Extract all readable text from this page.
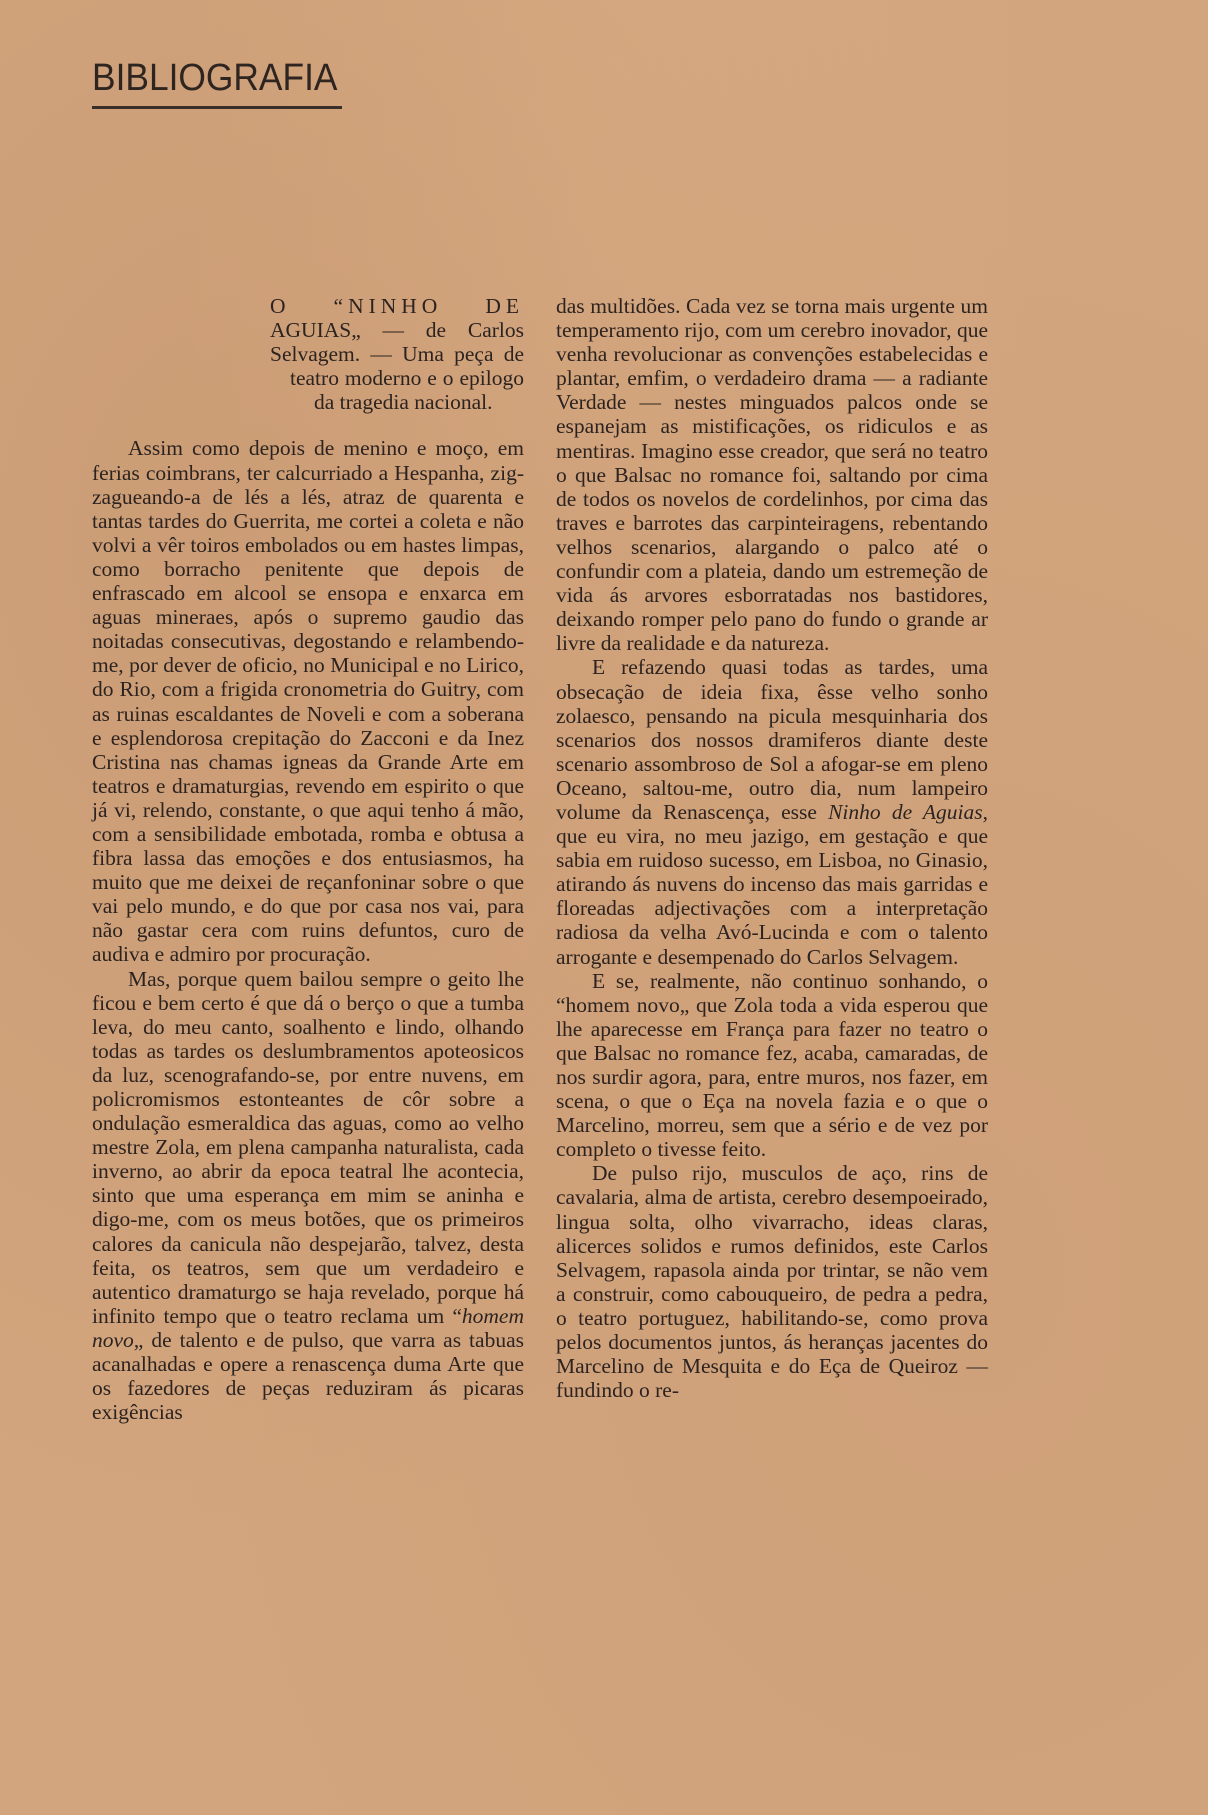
BIBLIOGRAFIA
O “NINHO DE
AGUIAS„ — de Carlos
Selvagem. — Uma peça de
teatro moderno e o epilogo da tragedia nacional.

Assim como depois de menino e moço, em ferias coimbrans, ter calcurriado a Hespanha, zig-zagueando-a de lés a lés, atraz de quarenta e tantas tardes do Guerrita, me cortei a coleta e não volvi a vêr toiros embolados ou em hastes limpas, como borracho penitente que depois de enfrascado em alcool se ensopa e enxarca em aguas mineraes, após o supremo gaudio das noitadas consecutivas, degostando e relambendo-me, por dever de oficio, no Municipal e no Lirico, do Rio, com a frigida cronometria do Guitry, com as ruinas escaldantes de Noveli e com a soberana e esplendorosa crepitação do Zacconi e da Inez Cristina nas chamas igneas da Grande Arte em teatros e dramaturgias, revendo em espirito o que já vi, relendo, constante, o que aqui tenho á mão, com a sensibilidade embotada, romba e obtusa a fibra lassa das emoções e dos entusiasmos, ha muito que me deixei de reçanfoninar sobre o que vai pelo mundo, e do que por casa nos vai, para não gastar cera com ruins defuntos, curo de audiva e admiro por procuração.

Mas, porque quem bailou sempre o geito lhe ficou e bem certo é que dá o berço o que a tumba leva, do meu canto, soalhento e lindo, olhando todas as tardes os deslumbramentos apoteosicos da luz, scenografando-se, por entre nuvens, em policromismos estonteantes de côr sobre a ondulação esmeraldica das aguas, como ao velho mestre Zola, em plena campanha naturalista, cada inverno, ao abrir da epoca teatral lhe acontecia, sinto que uma esperança em mim se aninha e digo-me, com os meus botões, que os primeiros calores da canicula não despejarão, talvez, desta feita, os teatros, sem que um verdadeiro e autentico dramaturgo se haja revelado, porque há infinito tempo que o teatro reclama um “homem novo„ de talento e de pulso, que varra as tabuas acanalhadas e opere a renascença duma Arte que os fazedores de peças reduziram ás picaras exigências

das multidões. Cada vez se torna mais urgente um temperamento rijo, com um cerebro inovador, que venha revolucionar as convenções estabelecidas e plantar, emfim, o verdadeiro drama — a radiante Verdade — nestes minguados palcos onde se espanejam as mistificações, os ridiculos e as mentiras. Imagino esse creador, que será no teatro o que Balsac no romance foi, saltando por cima de todos os novelos de cordelinhos, por cima das traves e barrotes das carpinteiragens, rebentando velhos scenarios, alargando o palco até o confundir com a plateia, dando um estremeção de vida ás arvores esborratadas nos bastidores, deixando romper pelo pano do fundo o grande ar livre da realidade e da natureza.

E refazendo quasi todas as tardes, uma obsecação de ideia fixa, êsse velho sonho zolaesco, pensando na picula mesquinharia dos scenarios dos nossos dramiferos diante deste scenario assombroso de Sol a afogar-se em pleno Oceano, saltou-me, outro dia, num lampeiro volume da Renascença, esse Ninho de Aguias, que eu vira, no meu jazigo, em gestação e que sabia em ruidoso sucesso, em Lisboa, no Ginasio, atirando ás nuvens do incenso das mais garridas e floreadas adjectivações com a interpretação radiosa da velha Avó-Lucinda e com o talento arrogante e desempenado do Carlos Selvagem.

E se, realmente, não continuo sonhando, o “homem novo„ que Zola toda a vida esperou que lhe aparecesse em França para fazer no teatro o que Balsac no romance fez, acaba, camaradas, de nos surdir agora, para, entre muros, nos fazer, em scena, o que o Eça na novela fazia e o que o Marcelino, morreu, sem que a sério e de vez por completo o tivesse feito.

De pulso rijo, musculos de aço, rins de cavalaria, alma de artista, cerebro desempoeirado, lingua solta, olho vivarracho, ideas claras, alicerces solidos e rumos definidos, este Carlos Selvagem, rapasola ainda por trintar, se não vem a construir, como cabouqueiro, de pedra a pedra, o teatro portuguez, habilitando-se, como prova pelos documentos juntos, ás heranças jacentes do Marcelino de Mesquita e do Eça de Queiroz — fundindo o re-
